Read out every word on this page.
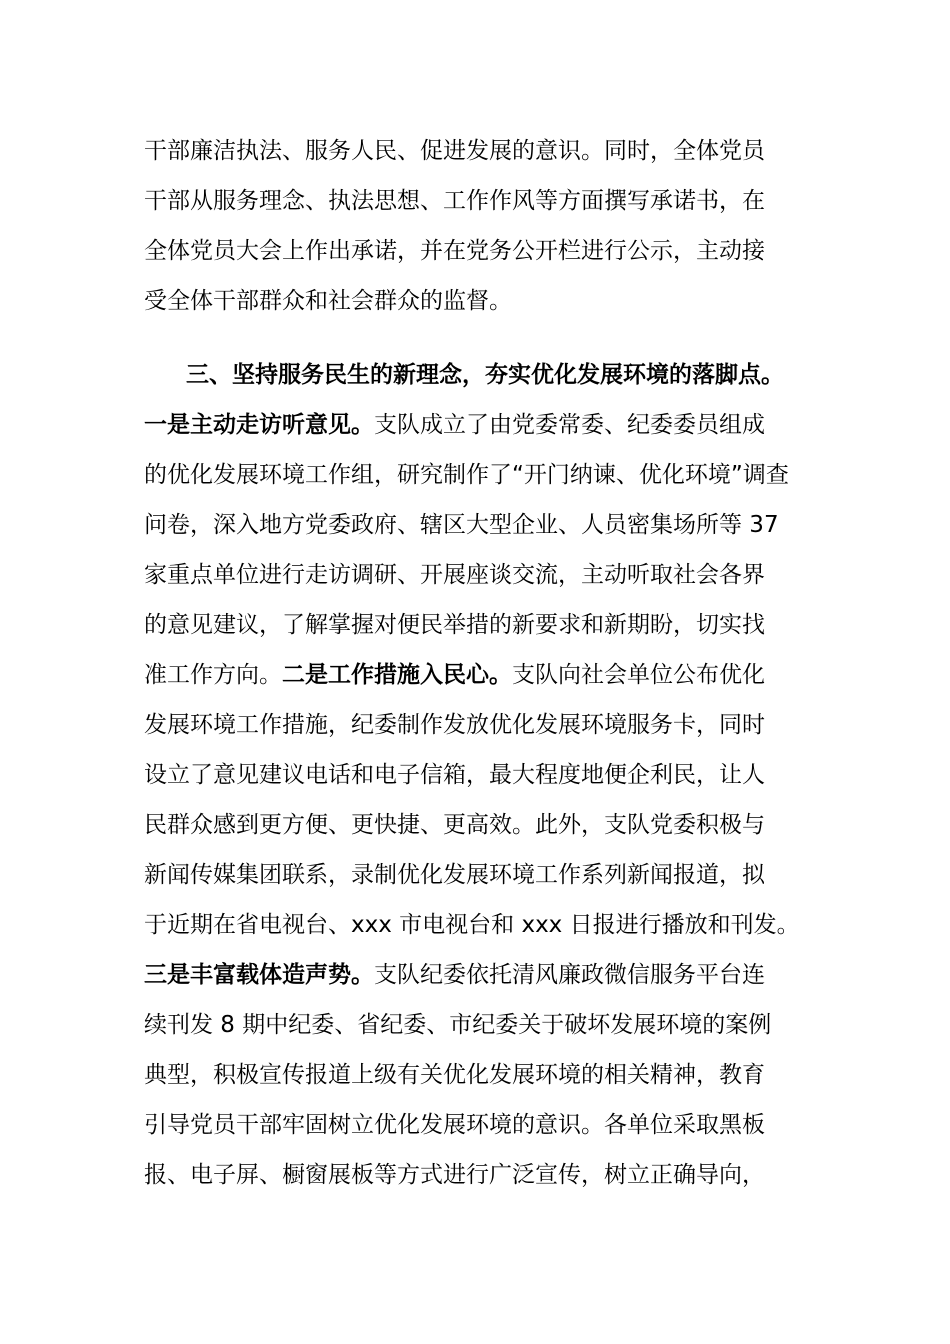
干部廉洁执法、服务人民、促进发展的意识。同时，全体党员
干部从服务理念、执法思想、工作作风等方面撰写承诺书，在
全体党员大会上作出承诺，并在党务公开栏进行公示，主动接
受全体干部群众和社会群众的监督。
三、坚持服务民生的新理念，夯实优化发展环境的落脚点。
一是主动走访听意见。支队成立了由党委常委、纪委委员组成
的优化发展环境工作组，研究制作了“开门纳谏、优化环境”调查
问卷，深入地方党委政府、辖区大型企业、人员密集场所等 37
家重点单位进行走访调研、开展座谈交流，主动听取社会各界
的意见建议，了解掌握对便民举措的新要求和新期盼，切实找
准工作方向。二是工作措施入民心。支队向社会单位公布优化
发展环境工作措施，纪委制作发放优化发展环境服务卡，同时
设立了意见建议电话和电子信箱，最大程度地便企利民，让人
民群众感到更方便、更快捷、更高效。此外，支队党委积极与
新闻传媒集团联系，录制优化发展环境工作系列新闻报道，拟
于近期在省电视台、xxx 市电视台和 xxx 日报进行播放和刊发。
三是丰富载体造声势。支队纪委依托清风廉政微信服务平台连
续刊发 8 期中纪委、省纪委、市纪委关于破坏发展环境的案例
典型，积极宣传报道上级有关优化发展环境的相关精神，教育
引导党员干部牢固树立优化发展环境的意识。各单位采取黑板
报、电子屏、橱窗展板等方式进行广泛宣传，树立正确导向，
